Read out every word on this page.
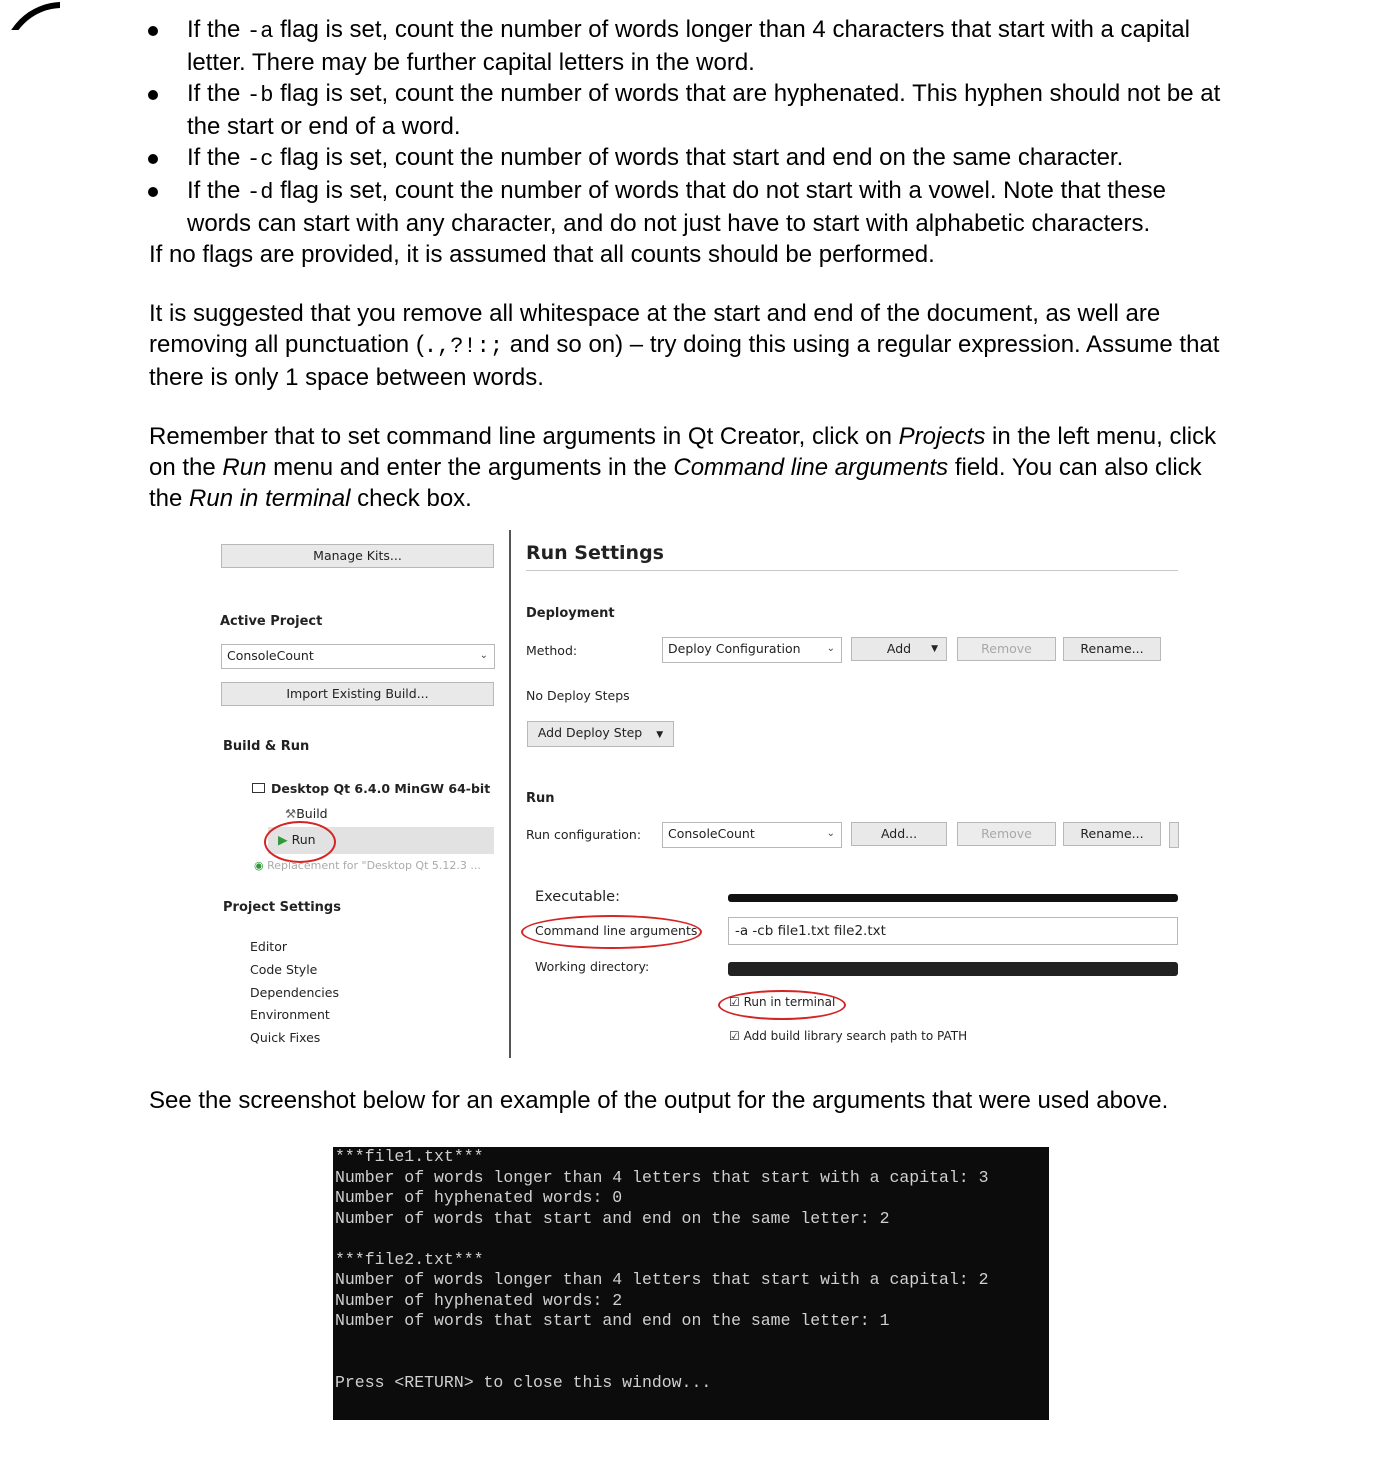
If the -a flag is set, count the number of words longer than 4 characters that start with a capital letter. There may be further capital letters in the word.
If the -b flag is set, count the number of words that are hyphenated. This hyphen should not be at the start or end of a word.
If the -c flag is set, count the number of words that start and end on the same character.
If the -d flag is set, count the number of words that do not start with a vowel. Note that these words can start with any character, and do not just have to start with alphabetic characters.

If no flags are provided, it is assumed that all counts should be performed.

It is suggested that you remove all whitespace at the start and end of the document, as well are removing all punctuation (.,?!:; and so on) – try doing this using a regular expression. Assume that there is only 1 space between words.

Remember that to set command line arguments in Qt Creator, click on Projects in the left menu, click on the Run menu and enter the arguments in the Command line arguments field. You can also click the Run in terminal check box.

Manage Kits...
Active Project
ConsoleCount	⌄
Import Existing Build...
Build & Run
Desktop Qt 6.4.0 MinGW 64-bit
⚒Build
▶ Run
◉ Replacement for "Desktop Qt 5.12.3 ...
Project Settings
Editor
Code Style
Dependencies
Environment
Quick Fixes
Run Settings
Deployment
Method:	Deploy Configuration	⌄	Add ▼	Remove	Rename...
No Deploy Steps
Add Deploy Step ▼
Run
Run configuration:	ConsoleCount	⌄	Add...	Remove	Rename...
Executable:
Command line arguments:	-a -cb file1.txt file2.txt
Working directory:
☑ Run in terminal
☑ Add build library search path to PATH
See the screenshot below for an example of the output for the arguments that were used above.
***file1.txt***
Number of words longer than 4 letters that start with a capital: 3
Number of hyphenated words: 0
Number of words that start and end on the same letter: 2
***file2.txt***
Number of words longer than 4 letters that start with a capital: 2
Number of hyphenated words: 2
Number of words that start and end on the same letter: 1
Press <RETURN> to close this window...
